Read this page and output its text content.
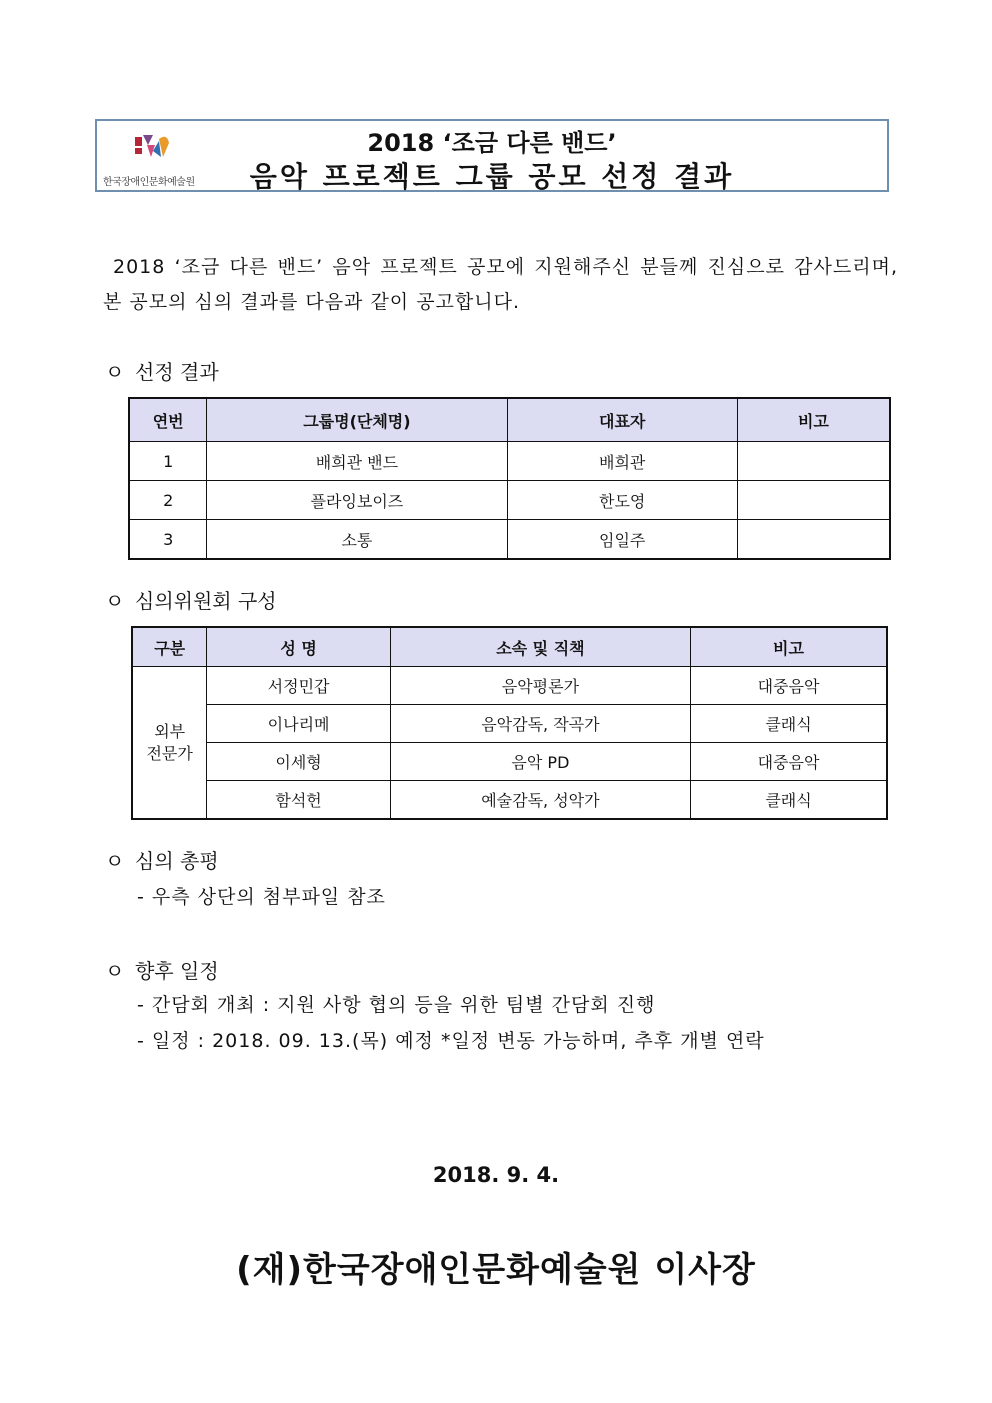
한국장애인문화예술원
2018 ‘조금 다른 밴드’
음악 프로젝트 그룹 공모 선정 결과
2018 ‘조금 다른 밴드’ 음악 프로젝트 공모에 지원해주신 분들께 진심으로 감사드리며, 본 공모의 심의 결과를 다음과 같이 공고합니다.
ㅇ 선정 결과
연번	그룹명(단체명)	대표자	비고
1	배희관 밴드	배희관	
2	플라잉보이즈	한도영	
3	소통	임일주	
ㅇ 심의위원회 구성
구분	성 명	소속 및 직책	비고

외부
전문가	서정민갑	음악평론가	대중음악
	이나리메	음악감독, 작곡가	클래식
	이세형	음악 PD	대중음악
	함석헌	예술감독, 성악가	클래식
ㅇ 심의 총평
- 우측 상단의 첨부파일 참조
ㅇ 향후 일정
- 간담회 개최 : 지원 사항 협의 등을 위한 팀별 간담회 진행
- 일정 : 2018. 09. 13.(목) 예정 *일정 변동 가능하며, 추후 개별 연락
2018. 9. 4.
(재)한국장애인문화예술원 이사장
